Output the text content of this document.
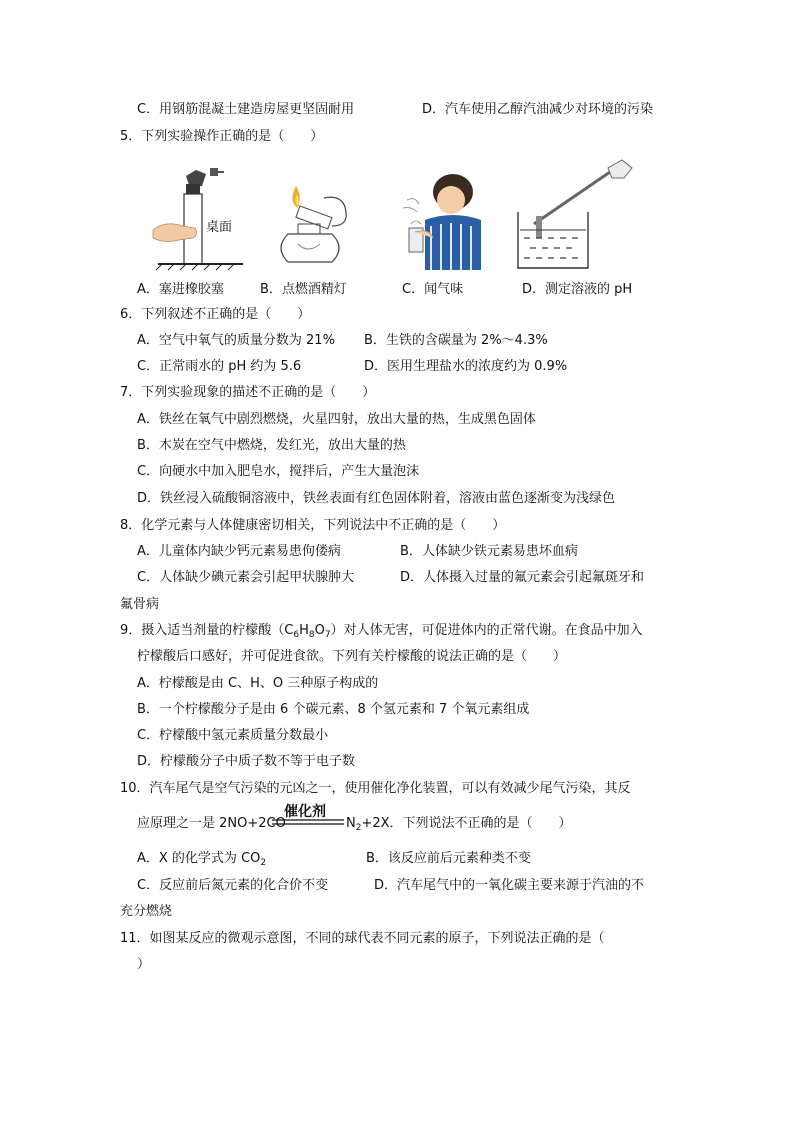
C．用钢筋混凝土建造房屋更坚固耐用	D．汽车使用乙醇汽油减少对环境的污染
5．下列实验操作正确的是（　　）
桌面
A．塞进橡胶塞	B．点燃酒精灯	C．闻气味	D．测定溶液的 pH
6．下列叙述不正确的是（　　）
A．空气中氧气的质量分数为 21% B．生铁的含碳量为 2%～4.3%
C．正常雨水的 pH 约为 5.6	D．医用生理盐水的浓度约为 0.9%
7．下列实验现象的描述不正确的是（　　）
A．铁丝在氧气中剧烈燃烧，火星四射，放出大量的热，生成黑色固体
B．木炭在空气中燃烧，发红光，放出大量的热
C．向硬水中加入肥皂水，搅拌后，产生大量泡沫
D．铁丝浸入硫酸铜溶液中，铁丝表面有红色固体附着，溶液由蓝色逐渐变为浅绿色
8．化学元素与人体健康密切相关，下列说法中不正确的是（　　）
A．儿童体内缺少钙元素易患佝偻病	B．人体缺少铁元素易患坏血病
C．人体缺少碘元素会引起甲状腺肿大	D．人体摄入过量的氟元素会引起氟斑牙和
氟骨病
9．摄入适当剂量的柠檬酸$(C_6H_8O_7)$对人体无害，可促进体内的正常代谢。在食品中加入
柠檬酸后口感好，并可促进食欲。下列有关柠檬酸的说法正确的是（　　）
A．柠檬酸是由 C、H、O 三种原子构成的
B．一个柠檬酸分子是由 6 个碳元素、8 个氢元素和 7 个氧元素组成
C．柠檬酸中氢元素质量分数最小
D．柠檬酸分子中质子数不等于电子数
10．汽车尾气是空气污染的元凶之一，使用催化净化装置，可以有效减少尾气污染，其反
应原理之一是 2NO+2CO
催化剂
$N_2+2X$．下列说法不正确的是（　　）
A．X 的化学式为 $CO_2$	B．该反应前后元素种类不变
C．反应前后氮元素的化合价不变	D．汽车尾气中的一氧化碳主要来源于汽油的不
充分燃烧
11．如图某反应的微观示意图，不同的球代表不同元素的原子，下列说法正确的是（
）
